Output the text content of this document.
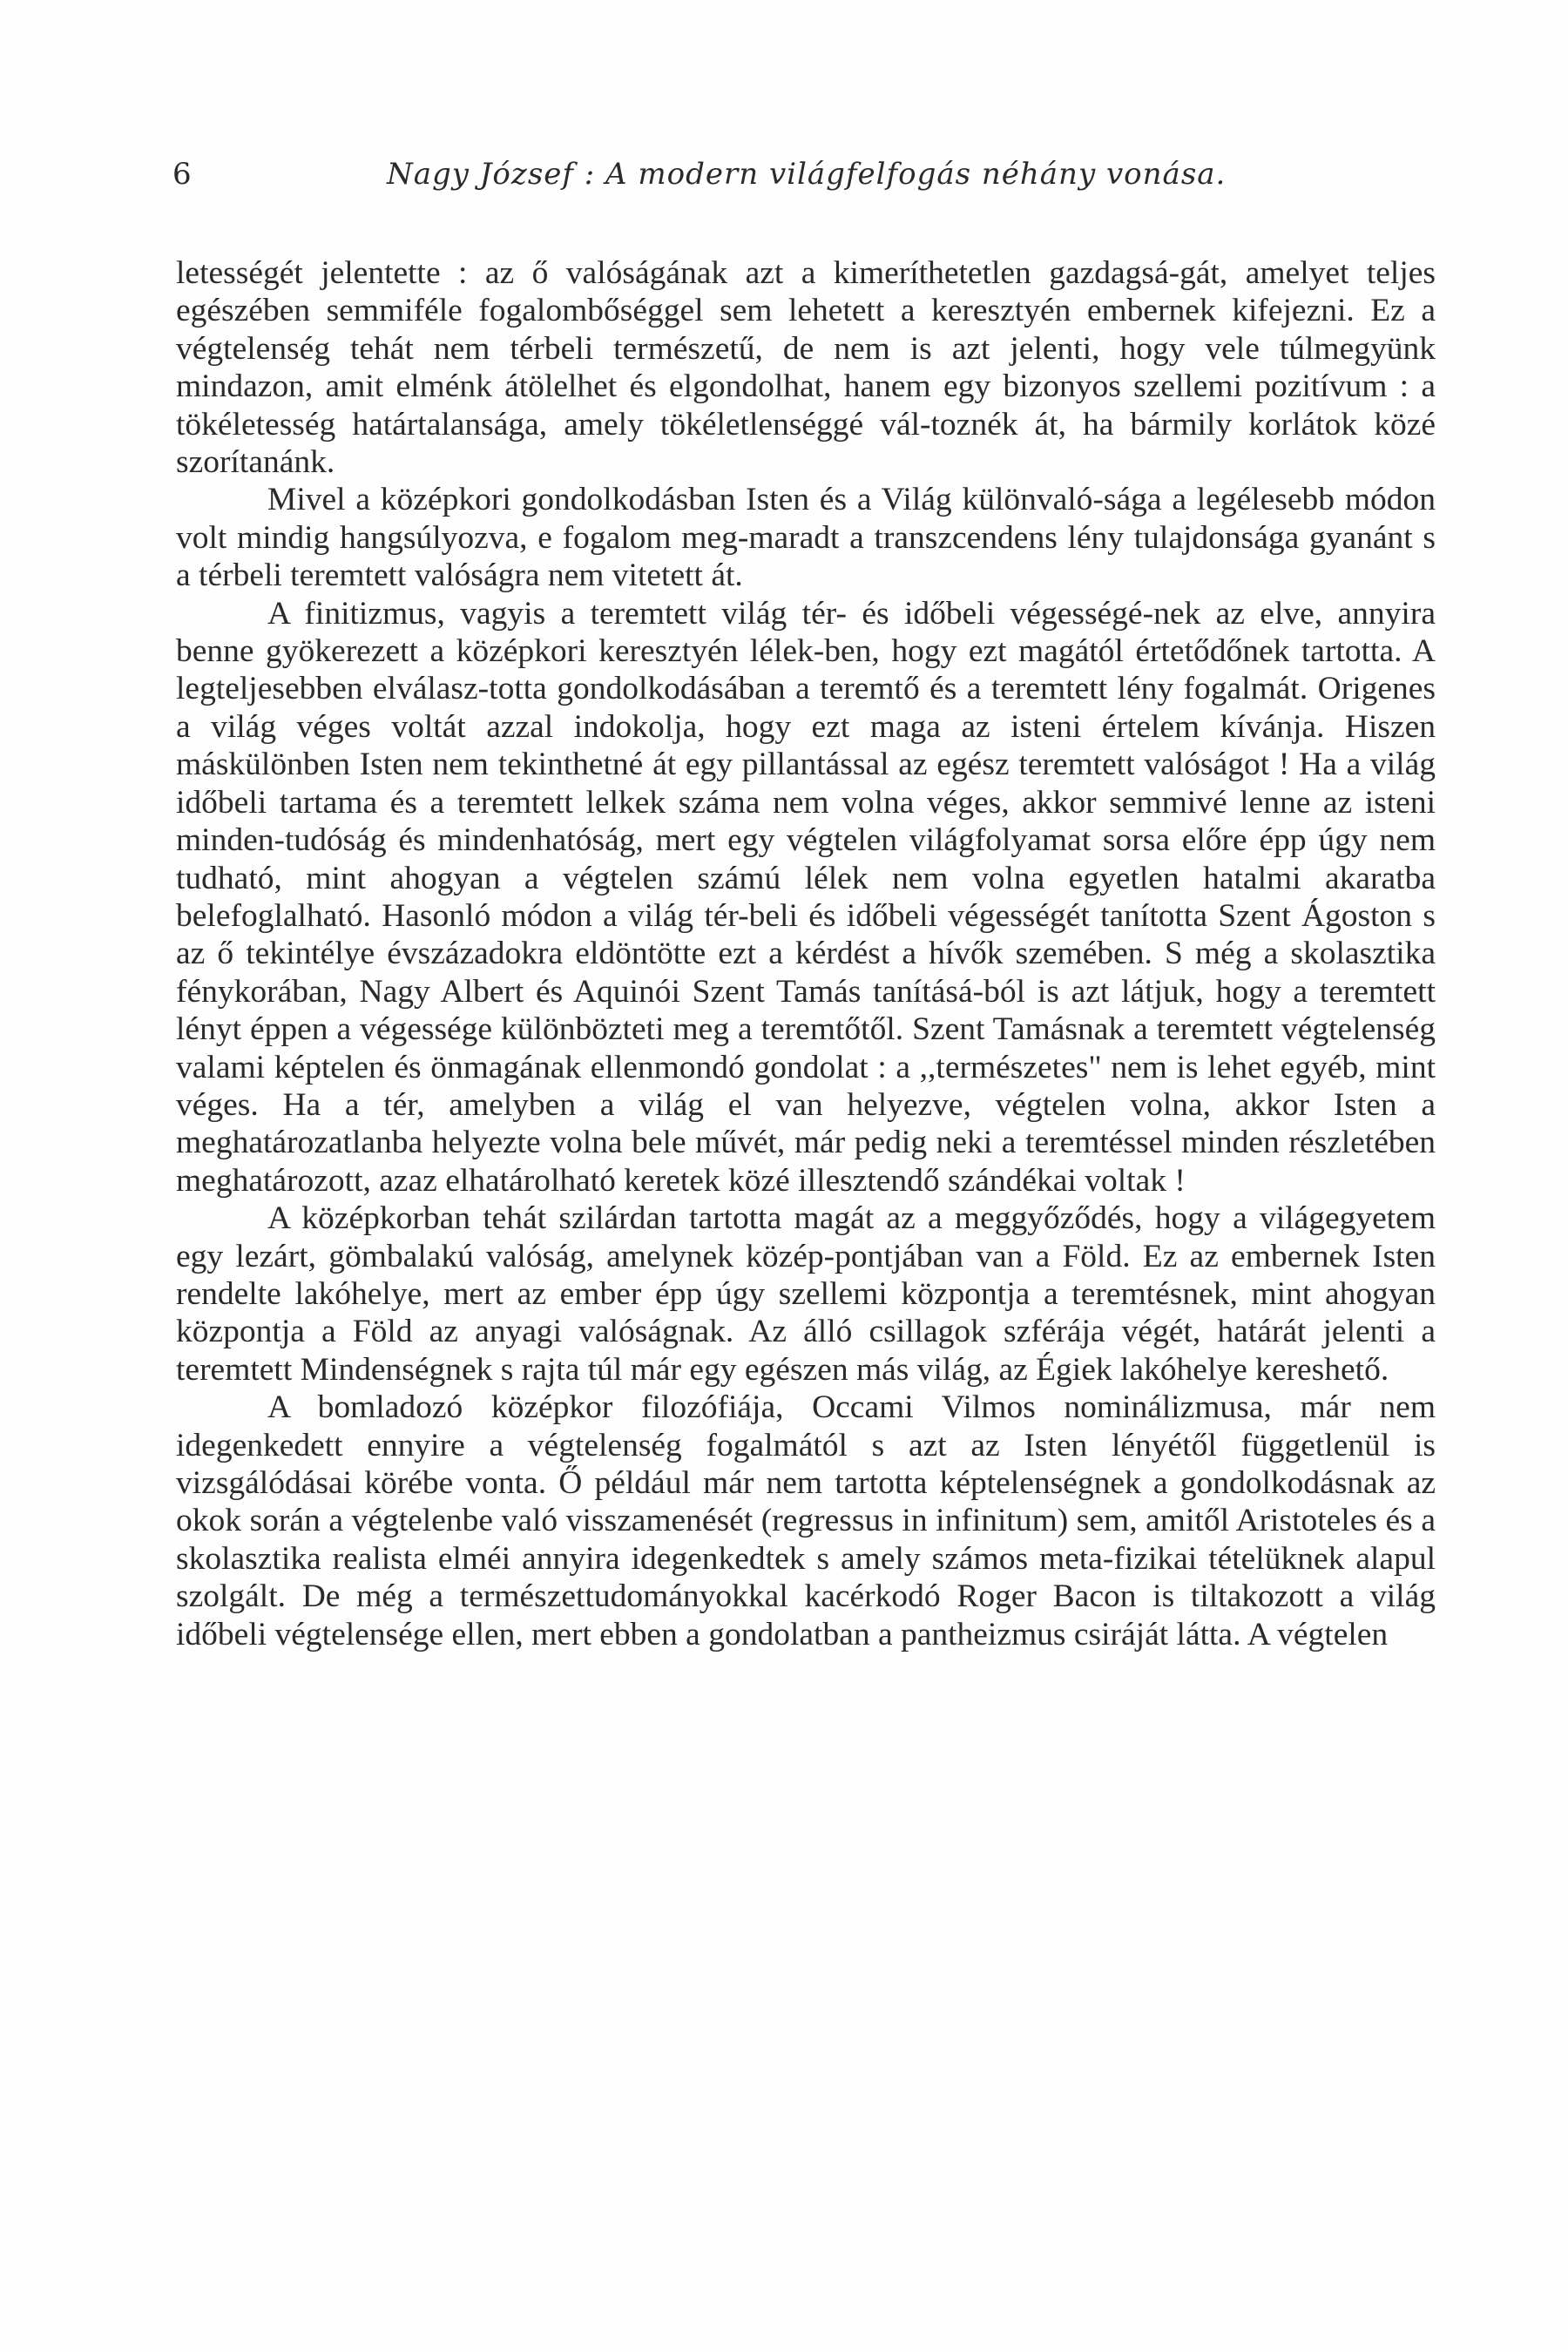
6	Nagy József : A modern világfelfogás néhány vonása.

letességét jelentette : az ő valóságának azt a kimeríthetetlen gazdagsá-gát, amelyet teljes egészében semmiféle fogalombőséggel sem lehetett a keresztyén embernek kifejezni. Ez a végtelenség tehát nem térbeli természetű, de nem is azt jelenti, hogy vele túlmegyünk mindazon, amit elménk átölelhet és elgondolhat, hanem egy bizonyos szellemi pozitívum : a tökéletesség határtalansága, amely tökéletlenséggé vál-toznék át, ha bármily korlátok közé szorítanánk.

Mivel a középkori gondolkodásban Isten és a Világ különvaló-sága a legélesebb módon volt mindig hangsúlyozva, e fogalom meg-maradt a transzcendens lény tulajdonsága gyanánt s a térbeli teremtett valóságra nem vitetett át.

A finitizmus, vagyis a teremtett világ tér- és időbeli végességé-nek az elve, annyira benne gyökerezett a középkori keresztyén lélek-ben, hogy ezt magától értetődőnek tartotta. A legteljesebben elválasz-totta gondolkodásában a teremtő és a teremtett lény fogalmát. Origenes a világ véges voltát azzal indokolja, hogy ezt maga az isteni értelem kívánja. Hiszen máskülönben Isten nem tekinthetné át egy pillantással az egész teremtett valóságot ! Ha a világ időbeli tartama és a teremtett lelkek száma nem volna véges, akkor semmivé lenne az isteni minden-tudóság és mindenhatóság, mert egy végtelen világfolyamat sorsa előre épp úgy nem tudható, mint ahogyan a végtelen számú lélek nem volna egyetlen hatalmi akaratba belefoglalható. Hasonló módon a világ tér-beli és időbeli végességét tanította Szent Ágoston s az ő tekintélye évszázadokra eldöntötte ezt a kérdést a hívők szemében. S még a skolasztika fénykorában, Nagy Albert és Aquinói Szent Tamás tanításá-ból is azt látjuk, hogy a teremtett lényt éppen a végessége különbözteti meg a teremtőtől. Szent Tamásnak a teremtett végtelenség valami képtelen és önmagának ellenmondó gondolat : a ,,természetes" nem is lehet egyéb, mint véges. Ha a tér, amelyben a világ el van helyezve, végtelen volna, akkor Isten a meghatározatlanba helyezte volna bele művét, már pedig neki a teremtéssel minden részletében meghatározott, azaz elhatárolható keretek közé illesztendő szándékai voltak !

A középkorban tehát szilárdan tartotta magát az a meggyőződés, hogy a világegyetem egy lezárt, gömbalakú valóság, amelynek közép-pontjában van a Föld. Ez az embernek Isten rendelte lakóhelye, mert az ember épp úgy szellemi központja a teremtésnek, mint ahogyan központja a Föld az anyagi valóságnak. Az álló csillagok szférája végét, határát jelenti a teremtett Mindenségnek s rajta túl már egy egészen más világ, az Égiek lakóhelye kereshető.

A bomladozó középkor filozófiája, Occami Vilmos nominálizmusa, már nem idegenkedett ennyire a végtelenség fogalmától s azt az Isten lényétől függetlenül is vizsgálódásai körébe vonta. Ő például már nem tartotta képtelenségnek a gondolkodásnak az okok során a végtelenbe való visszamenését (regressus in infinitum) sem, amitől Aristoteles és a skolasztika realista elméi annyira idegenkedtek s amely számos meta-fizikai tételüknek alapul szolgált. De még a természettudományokkal kacérkodó Roger Bacon is tiltakozott a világ időbeli végtelensége ellen, mert ebben a gondolatban a pantheizmus csiráját látta. A végtelen
